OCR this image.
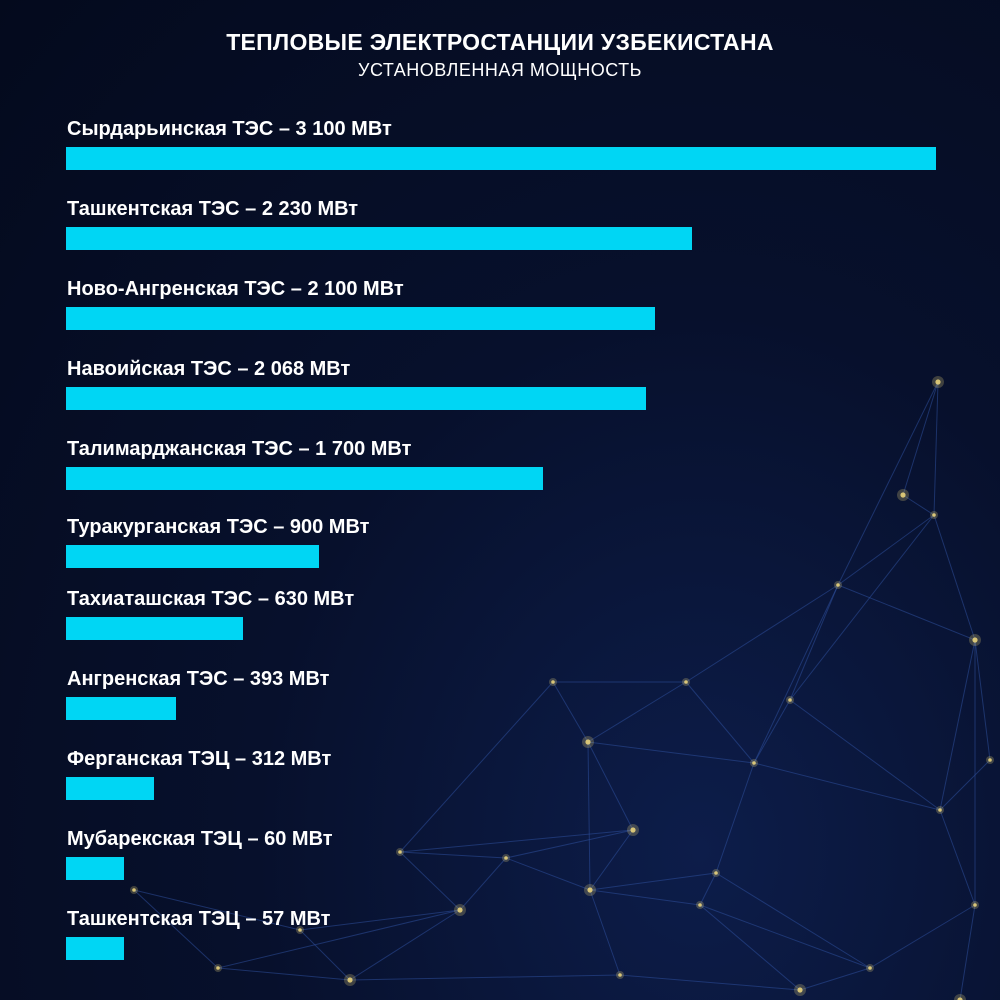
ТЕПЛОВЫЕ ЭЛЕКТРОСТАНЦИИ УЗБЕКИСТАНА
УСТАНОВЛЕННАЯ МОЩНОСТЬ
Сырдарьинская ТЭС – 3 100 МВт
Ташкентская ТЭС – 2 230 МВт
Ново-Ангренская ТЭС – 2 100 МВт
Навоийская ТЭС – 2 068 МВт
Талимарджанская ТЭС – 1 700 МВт
Туракурганская ТЭС – 900 МВт
Тахиаташская ТЭС – 630 МВт
Ангренская ТЭС – 393 МВт
Ферганская ТЭЦ – 312 МВт
Мубарекская ТЭЦ – 60 МВт
Ташкентская ТЭЦ – 57 МВт
